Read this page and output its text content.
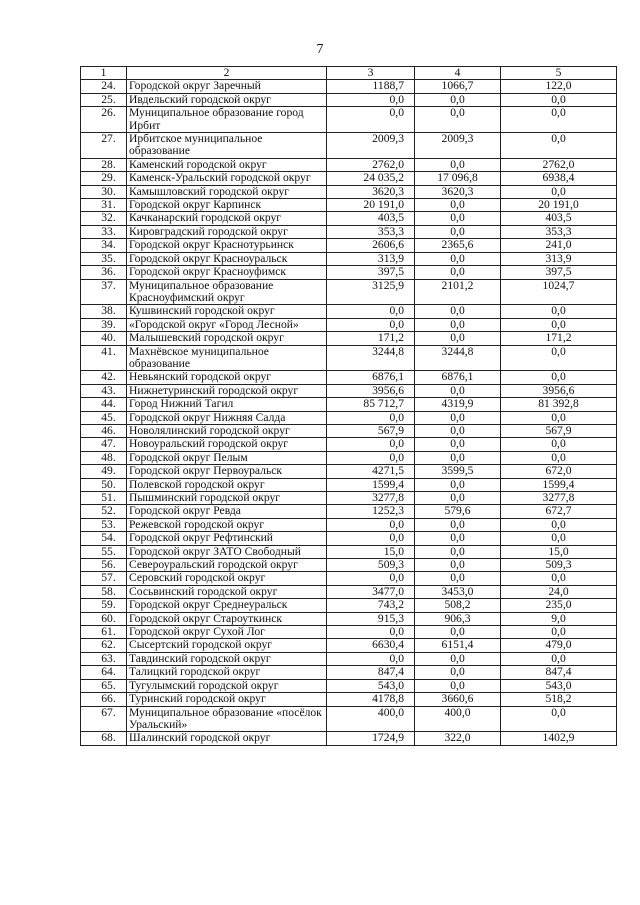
7
1	2	3	4	5
24.	Городской округ Заречный	1188,7	1066,7	122,0
25.	Ивдельский городской округ	0,0	0,0	0,0
26.	Муниципальное образование город Ирбит	0,0	0,0	0,0
27.	Ирбитское муниципальное образование	2009,3	2009,3	0,0
28.	Каменский городской округ	2762,0	0,0	2762,0
29.	Каменск-Уральский городской округ	24 035,2	17 096,8	6938,4
30.	Камышловский городской округ	3620,3	3620,3	0,0
31.	Городской округ Карпинск	20 191,0	0,0	20 191,0
32.	Качканарский городской округ	403,5	0,0	403,5
33.	Кировградский городской округ	353,3	0,0	353,3
34.	Городской округ Краснотурьинск	2606,6	2365,6	241,0
35.	Городской округ Красноуральск	313,9	0,0	313,9
36.	Городской округ Красноуфимск	397,5	0,0	397,5
37.	Муниципальное образование Красноуфимский округ	3125,9	2101,2	1024,7
38.	Кушвинский городской округ	0,0	0,0	0,0
39.	«Городской округ «Город Лесной»	0,0	0,0	0,0
40.	Малышевский городской округ	171,2	0,0	171,2
41.	Махнёвское муниципальное образование	3244,8	3244,8	0,0
42.	Невьянский городской округ	6876,1	6876,1	0,0
43.	Нижнетуринский городской округ	3956,6	0,0	3956,6
44.	Город Нижний Тагил	85 712,7	4319,9	81 392,8
45.	Городской округ Нижняя Салда	0,0	0,0	0,0
46.	Новолялинский городской округ	567,9	0,0	567,9
47.	Новоуральский городской округ	0,0	0,0	0,0
48.	Городской округ Пелым	0,0	0,0	0,0
49.	Городской округ Первоуральск	4271,5	3599,5	672,0
50.	Полевской городской округ	1599,4	0,0	1599,4
51.	Пышминский городской округ	3277,8	0,0	3277,8
52.	Городской округ Ревда	1252,3	579,6	672,7
53.	Режевской городской округ	0,0	0,0	0,0
54.	Городской округ Рефтинский	0,0	0,0	0,0
55.	Городской округ ЗАТО Свободный	15,0	0,0	15,0
56.	Североуральский городской округ	509,3	0,0	509,3
57.	Серовский городской округ	0,0	0,0	0,0
58.	Сосьвинский городской округ	3477,0	3453,0	24,0
59.	Городской округ Среднеуральск	743,2	508,2	235,0
60.	Городской округ Староуткинск	915,3	906,3	9,0
61.	Городской округ Сухой Лог	0,0	0,0	0,0
62.	Сысертский городской округ	6630,4	6151,4	479,0
63.	Тавдинский городской округ	0,0	0,0	0,0
64.	Талицкий городской округ	847,4	0,0	847,4
65.	Тугулымский городской округ	543,0	0,0	543,0
66.	Туринский городской округ	4178,8	3660,6	518,2
67.	Муниципальное образование «посёлок Уральский»	400,0	400,0	0,0
68.	Шалинский городской округ	1724,9	322,0	1402,9
